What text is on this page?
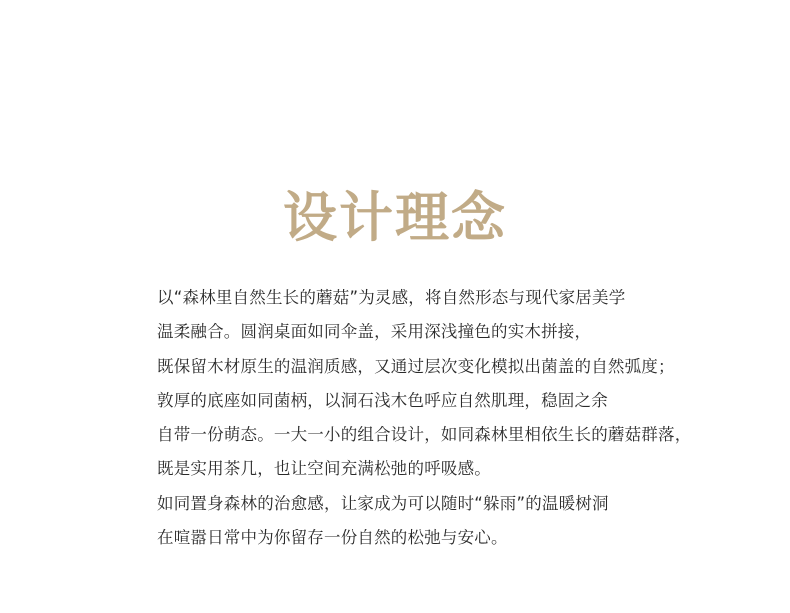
设计理念
以“森林里自然生长的蘑菇”为灵感，将自然形态与现代家居美学
温柔融合。圆润桌面如同伞盖，采用深浅撞色的实木拼接，
既保留木材原生的温润质感，又通过层次变化模拟出菌盖的自然弧度；
敦厚的底座如同菌柄，以洞石浅木色呼应自然肌理，稳固之余
自带一份萌态。一大一小的组合设计，如同森林里相依生长的蘑菇群落，
既是实用茶几，也让空间充满松弛的呼吸感。
如同置身森林的治愈感，让家成为可以随时“躲雨”的温暖树洞
在喧嚣日常中为你留存一份自然的松弛与安心。
